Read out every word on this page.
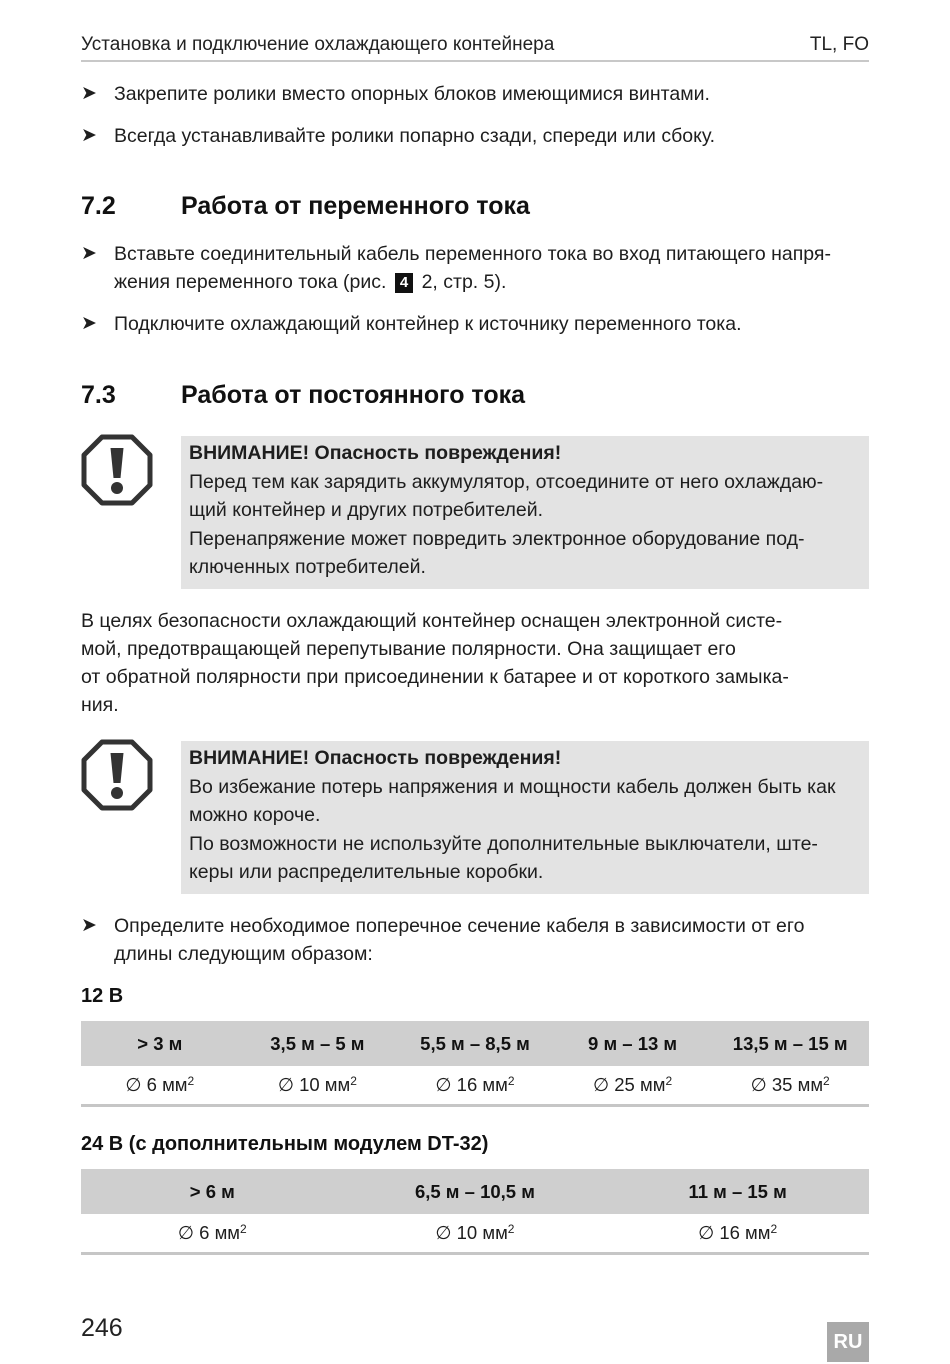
Установка и подключение охлаждающего контейнера	TL, FO
➤ Закрепите ролики вместо опорных блоков имеющимися винтами.
➤ Всегда устанавливайте ролики попарно сзади, спереди или сбоку.
7.2	Работа от переменного тока
➤ Вставьте соединительный кабель переменного тока во вход питающего напря-
жения переменного тока (рис. 4 2, стр. 5).
➤ Подключите охлаждающий контейнер к источнику переменного тока.
7.3	Работа от постоянного тока
ВНИМАНИЕ! Опасность повреждения!
Перед тем как зарядить аккумулятор, отсоедините от него охлаждаю-
щий контейнер и других потребителей.
Перенапряжение может повредить электронное оборудование под-
ключенных потребителей.
В целях безопасности охлаждающий контейнер оснащен электронной систе-
мой, предотвращающей перепутывание полярности. Она защищает его
от обратной полярности при присоединении к батарее и от короткого замыка-
ния.
ВНИМАНИЕ! Опасность повреждения!
Во избежание потерь напряжения и мощности кабель должен быть как
можно короче.
По возможности не используйте дополнительные выключатели, ште-
керы или распределительные коробки.
➤ Определите необходимое поперечное сечение кабеля в зависимости от его
длины следующим образом:
12 В
> 3 м	3,5 м – 5 м	5,5 м – 8,5 м	9 м – 13 м	13,5 м – 15 м
∅ 6 $мм^2$	∅ 10 $мм^2$	∅ 16 $мм^2$	∅ 25 $мм^2$	∅ 35 $мм^2$
24 В (с дополнительным модулем DT-32)
> 6 м	6,5 м – 10,5 м	11 м – 15 м
∅ 6 $мм^2$	∅ 10 $мм^2$	∅ 16 $мм^2$
246	RU
